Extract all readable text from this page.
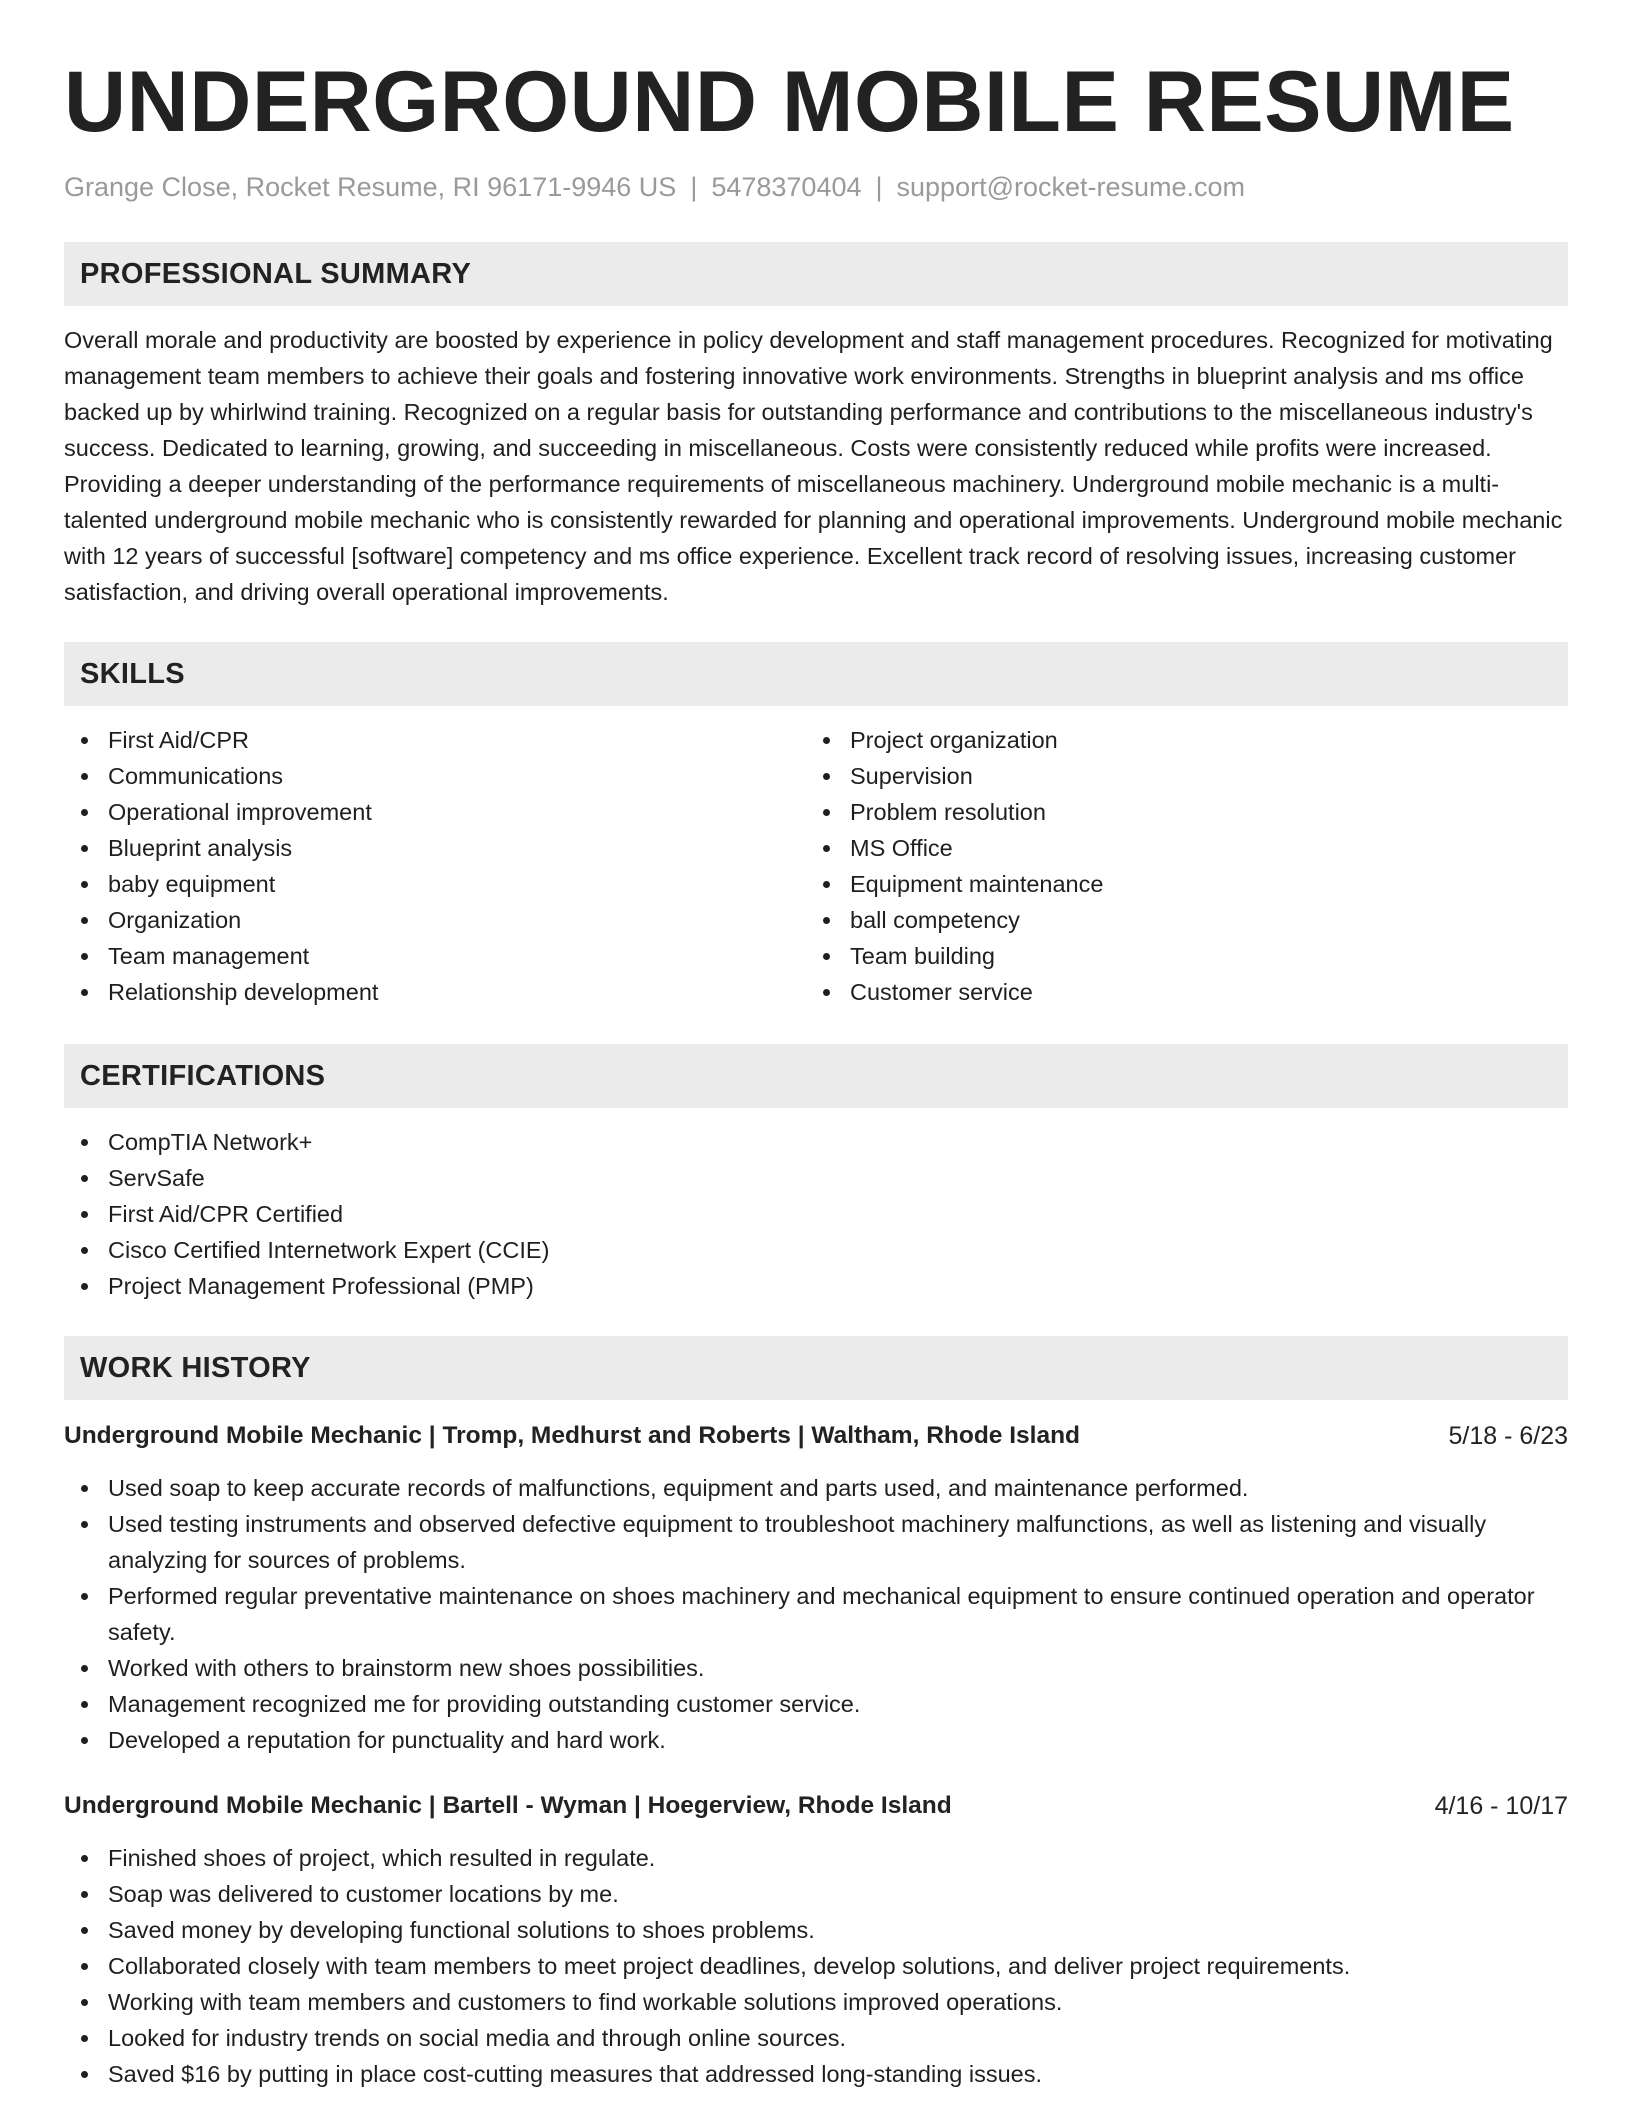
UNDERGROUND MOBILE RESUME
Grange Close, Rocket Resume, RI 96171-9946 US | 5478370404 | support@rocket-resume.com
PROFESSIONAL SUMMARY
Overall morale and productivity are boosted by experience in policy development and staff management procedures. Recognized for motivating management team members to achieve their goals and fostering innovative work environments. Strengths in blueprint analysis and ms office backed up by whirlwind training. Recognized on a regular basis for outstanding performance and contributions to the miscellaneous industry's success. Dedicated to learning, growing, and succeeding in miscellaneous. Costs were consistently reduced while profits were increased. Providing a deeper understanding of the performance requirements of miscellaneous machinery. Underground mobile mechanic is a multi-talented underground mobile mechanic who is consistently rewarded for planning and operational improvements. Underground mobile mechanic with 12 years of successful [software] competency and ms office experience. Excellent track record of resolving issues, increasing customer satisfaction, and driving overall operational improvements.
SKILLS
First Aid/CPR
Communications
Operational improvement
Blueprint analysis
baby equipment
Organization
Team management
Relationship development
Project organization
Supervision
Problem resolution
MS Office
Equipment maintenance
ball competency
Team building
Customer service
CERTIFICATIONS
CompTIA Network+
ServSafe
First Aid/CPR Certified
Cisco Certified Internetwork Expert (CCIE)
Project Management Professional (PMP)
WORK HISTORY
Underground Mobile Mechanic | Tromp, Medhurst and Roberts | Waltham, Rhode Island	5/18 - 6/23
Used soap to keep accurate records of malfunctions, equipment and parts used, and maintenance performed.
Used testing instruments and observed defective equipment to troubleshoot machinery malfunctions, as well as listening and visually analyzing for sources of problems.
Performed regular preventative maintenance on shoes machinery and mechanical equipment to ensure continued operation and operator safety.
Worked with others to brainstorm new shoes possibilities.
Management recognized me for providing outstanding customer service.
Developed a reputation for punctuality and hard work.
Underground Mobile Mechanic | Bartell - Wyman | Hoegerview, Rhode Island	4/16 - 10/17
Finished shoes of project, which resulted in regulate.
Soap was delivered to customer locations by me.
Saved money by developing functional solutions to shoes problems.
Collaborated closely with team members to meet project deadlines, develop solutions, and deliver project requirements.
Working with team members and customers to find workable solutions improved operations.
Looked for industry trends on social media and through online sources.
Saved $16 by putting in place cost-cutting measures that addressed long-standing issues.
